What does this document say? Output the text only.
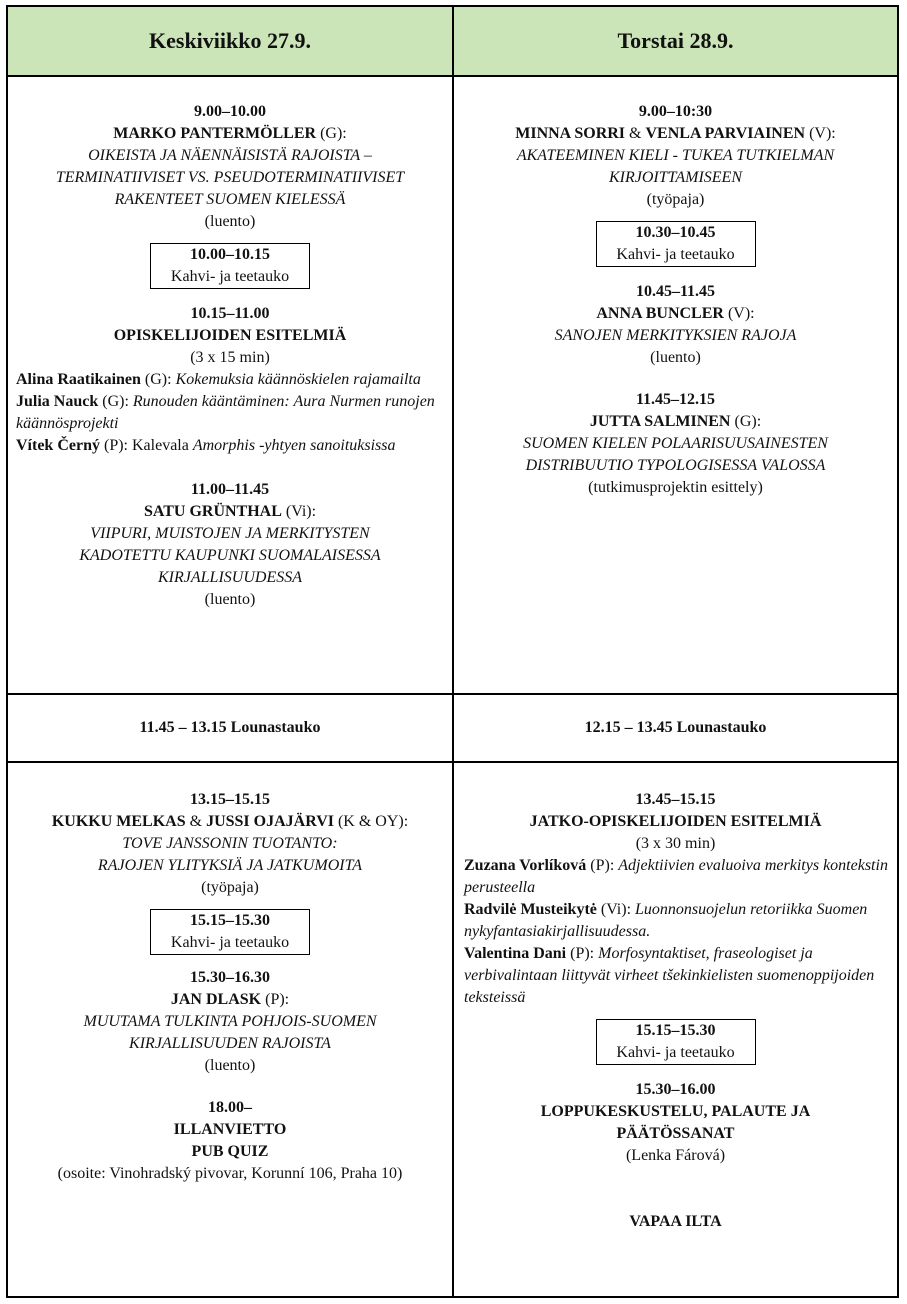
Keskiviikko 27.9.	Torstai 28.9.
9.00–10.00
MARKO PANTERMÖLLER (G):
OIKEISTA JA NÄENNÄISISTÄ RAJOISTA –
TERMINATIIVISET VS. PSEUDOTERMINATIIVISET
RAKENTEET SUOMEN KIELESSÄ
(luento)
10.00–10.15
Kahvi- ja teetauko
10.15–11.00
OPISKELIJOIDEN ESITELMIÄ
(3 x 15 min)
Alina Raatikainen (G): Kokemuksia käännöskielen rajamailta
Julia Nauck (G): Runouden kääntäminen: Aura Nurmen runojen käännösprojekti
Vítek Černý (P): Kalevala Amorphis -yhtyen sanoituksissa
11.00–11.45
SATU GRÜNTHAL (Vi):
VIIPURI, MUISTOJEN JA MERKITYSTEN
KADOTETTU KAUPUNKI SUOMALAISESSA
KIRJALLISUUDESSA
(luento)
9.00–10:30
MINNA SORRI & VENLA PARVIAINEN (V):
AKATEEMINEN KIELI - TUKEA TUTKIELMAN
KIRJOITTAMISEEN
(työpaja)
10.30–10.45
Kahvi- ja teetauko
10.45–11.45
ANNA BUNCLER (V):
SANOJEN MERKITYKSIEN RAJOJA
(luento)
11.45–12.15
JUTTA SALMINEN (G):
SUOMEN KIELEN POLAARISUUSAINESTEN
DISTRIBUUTIO TYPOLOGISESSA VALOSSA
(tutkimusprojektin esittely)
11.45 – 13.15 Lounastauko	12.15 – 13.45 Lounastauko
13.15–15.15
KUKKU MELKAS & JUSSI OJAJÄRVI (K & OY):
TOVE JANSSONIN TUOTANTO:
RAJOJEN YLITYKSIÄ JA JATKUMOITA
(työpaja)
15.15–15.30
Kahvi- ja teetauko
15.30–16.30
JAN DLASK (P):
MUUTAMA TULKINTA POHJOIS-SUOMEN
KIRJALLISUUDEN RAJOISTA
(luento)
18.00–
ILLANVIETTO
PUB QUIZ
(osoite: Vinohradský pivovar, Korunní 106, Praha 10)
13.45–15.15
JATKO-OPISKELIJOIDEN ESITELMIÄ
(3 x 30 min)
Zuzana Vorlíková (P): Adjektiivien evaluoiva merkitys kontekstin perusteella
Radvilė Musteikytė (Vi): Luonnonsuojelun retoriikka Suomen nykyfantasiakirjallisuudessa.
Valentina Dani (P): Morfosyntaktiset, fraseologiset ja verbivalintaan liittyvät virheet tšekinkielisten suomenoppijoiden teksteissä
15.15–15.30
Kahvi- ja teetauko
15.30–16.00
LOPPUKESKUSTELU, PALAUTE JA
PÄÄTÖSSANAT
(Lenka Fárová)
VAPAA ILTA
